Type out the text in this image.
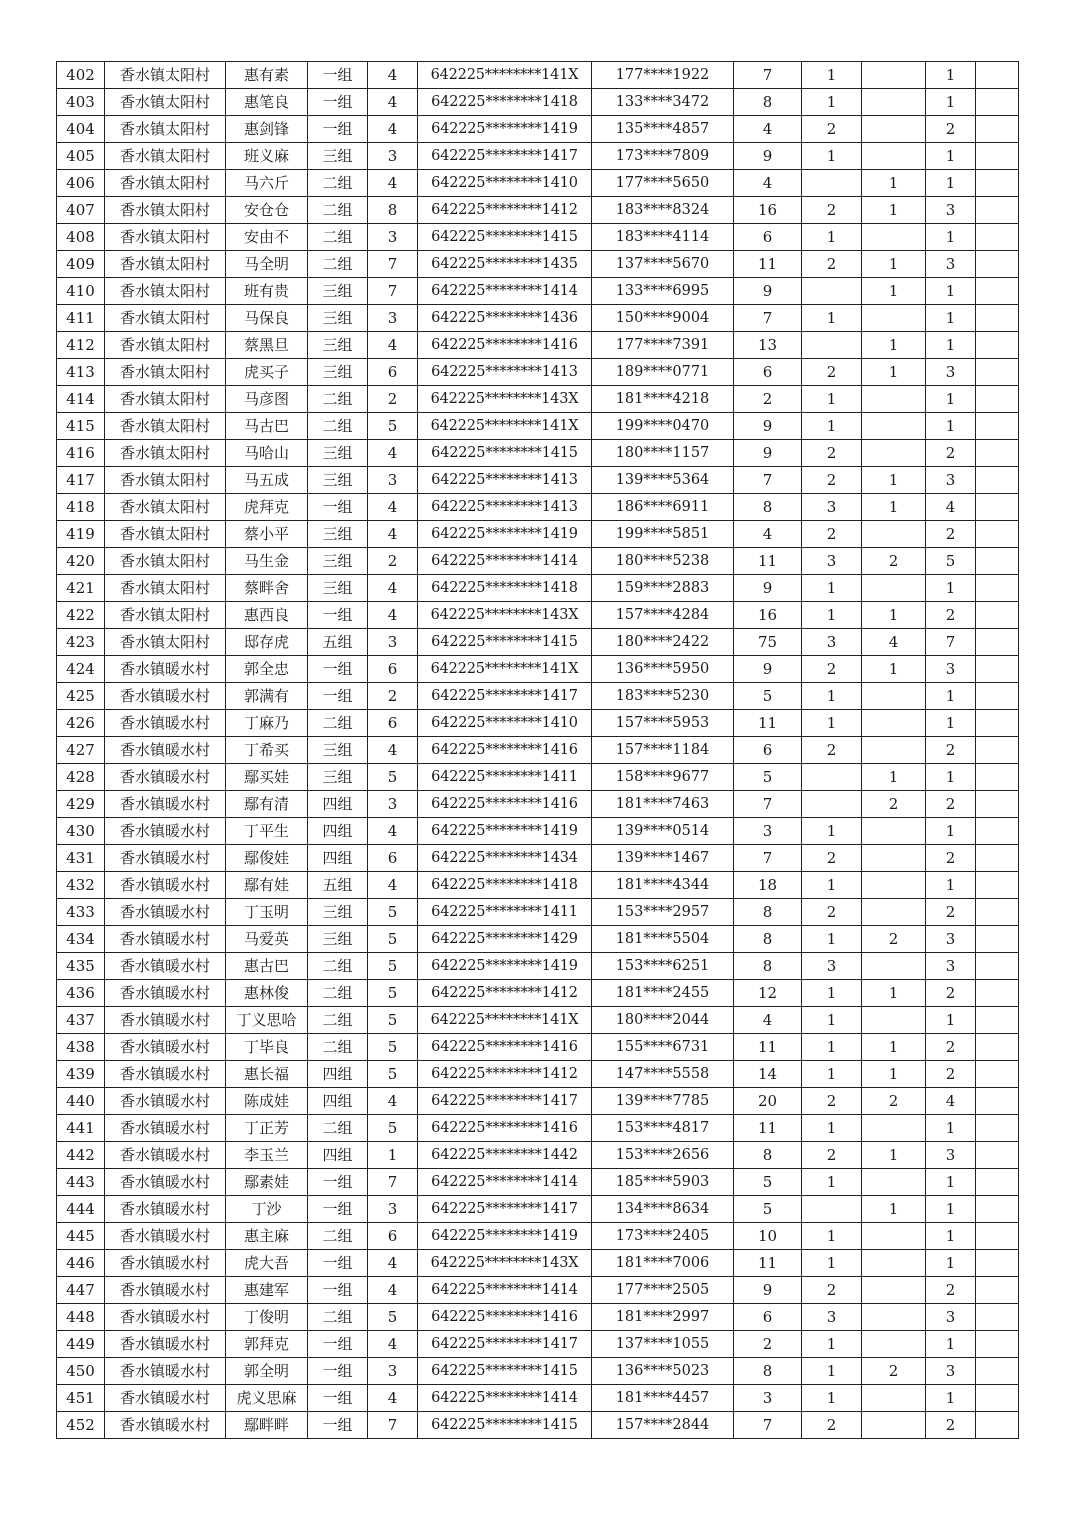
402	香水镇太阳村	惠有素	一组	4	642225********141X	177****1922	7	1		1	
403	香水镇太阳村	惠笔良	一组	4	642225********1418	133****3472	8	1		1	
404	香水镇太阳村	惠剑锋	一组	4	642225********1419	135****4857	4	2		2	
405	香水镇太阳村	班义麻	三组	3	642225********1417	173****7809	9	1		1	
406	香水镇太阳村	马六斤	二组	4	642225********1410	177****5650	4		1	1	
407	香水镇太阳村	安仓仓	二组	8	642225********1412	183****8324	16	2	1	3	
408	香水镇太阳村	安由不	二组	3	642225********1415	183****4114	6	1		1	
409	香水镇太阳村	马全明	二组	7	642225********1435	137****5670	11	2	1	3	
410	香水镇太阳村	班有贵	三组	7	642225********1414	133****6995	9		1	1	
411	香水镇太阳村	马保良	三组	3	642225********1436	150****9004	7	1		1	
412	香水镇太阳村	蔡黑旦	三组	4	642225********1416	177****7391	13		1	1	
413	香水镇太阳村	虎买子	三组	6	642225********1413	189****0771	6	2	1	3	
414	香水镇太阳村	马彦图	二组	2	642225********143X	181****4218	2	1		1	
415	香水镇太阳村	马古巴	二组	5	642225********141X	199****0470	9	1		1	
416	香水镇太阳村	马哈山	三组	4	642225********1415	180****1157	9	2		2	
417	香水镇太阳村	马五成	三组	3	642225********1413	139****5364	7	2	1	3	
418	香水镇太阳村	虎拜克	一组	4	642225********1413	186****6911	8	3	1	4	
419	香水镇太阳村	蔡小平	三组	4	642225********1419	199****5851	4	2		2	
420	香水镇太阳村	马生金	三组	2	642225********1414	180****5238	11	3	2	5	
421	香水镇太阳村	蔡畔舍	三组	4	642225********1418	159****2883	9	1		1	
422	香水镇太阳村	惠西良	一组	4	642225********143X	157****4284	16	1	1	2	
423	香水镇太阳村	邸存虎	五组	3	642225********1415	180****2422	75	3	4	7	
424	香水镇暖水村	郭全忠	一组	6	642225********141X	136****5950	9	2	1	3	
425	香水镇暖水村	郭满有	一组	2	642225********1417	183****5230	5	1		1	
426	香水镇暖水村	丁麻乃	二组	6	642225********1410	157****5953	11	1		1	
427	香水镇暖水村	丁希买	三组	4	642225********1416	157****1184	6	2		2	
428	香水镇暖水村	鄢买娃	三组	5	642225********1411	158****9677	5		1	1	
429	香水镇暖水村	鄢有清	四组	3	642225********1416	181****7463	7		2	2	
430	香水镇暖水村	丁平生	四组	4	642225********1419	139****0514	3	1		1	
431	香水镇暖水村	鄢俊娃	四组	6	642225********1434	139****1467	7	2		2	
432	香水镇暖水村	鄢有娃	五组	4	642225********1418	181****4344	18	1		1	
433	香水镇暖水村	丁玉明	三组	5	642225********1411	153****2957	8	2		2	
434	香水镇暖水村	马爱英	三组	5	642225********1429	181****5504	8	1	2	3	
435	香水镇暖水村	惠古巴	二组	5	642225********1419	153****6251	8	3		3	
436	香水镇暖水村	惠林俊	二组	5	642225********1412	181****2455	12	1	1	2	
437	香水镇暖水村	丁义思哈	二组	5	642225********141X	180****2044	4	1		1	
438	香水镇暖水村	丁毕良	二组	5	642225********1416	155****6731	11	1	1	2	
439	香水镇暖水村	惠长福	四组	5	642225********1412	147****5558	14	1	1	2	
440	香水镇暖水村	陈成娃	四组	4	642225********1417	139****7785	20	2	2	4	
441	香水镇暖水村	丁正芳	二组	5	642225********1416	153****4817	11	1		1	
442	香水镇暖水村	李玉兰	四组	1	642225********1442	153****2656	8	2	1	3	
443	香水镇暖水村	鄢素娃	一组	7	642225********1414	185****5903	5	1		1	
444	香水镇暖水村	丁沙	一组	3	642225********1417	134****8634	5		1	1	
445	香水镇暖水村	惠主麻	二组	6	642225********1419	173****2405	10	1		1	
446	香水镇暖水村	虎大吾	一组	4	642225********143X	181****7006	11	1		1	
447	香水镇暖水村	惠建军	一组	4	642225********1414	177****2505	9	2		2	
448	香水镇暖水村	丁俊明	二组	5	642225********1416	181****2997	6	3		3	
449	香水镇暖水村	郭拜克	一组	4	642225********1417	137****1055	2	1		1	
450	香水镇暖水村	郭全明	一组	3	642225********1415	136****5023	8	1	2	3	
451	香水镇暖水村	虎义思麻	一组	4	642225********1414	181****4457	3	1		1	
452	香水镇暖水村	鄢畔畔	一组	7	642225********1415	157****2844	7	2		2	
